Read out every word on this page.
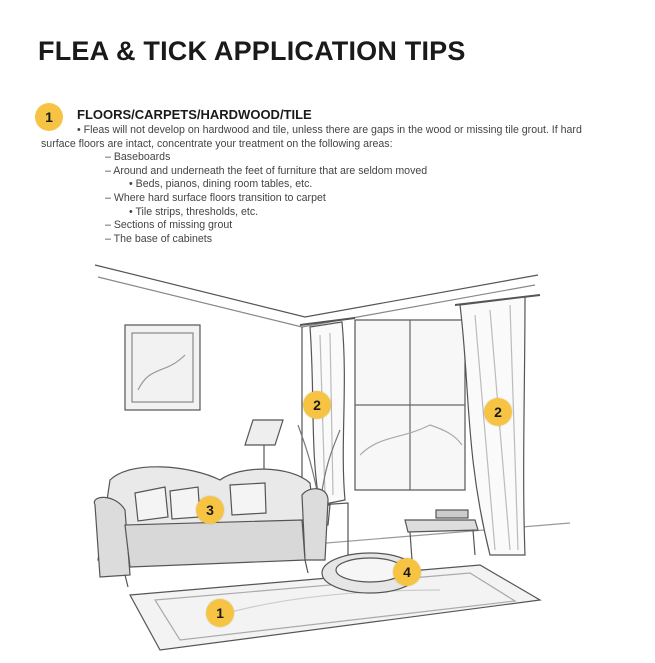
FLEA & TICK APPLICATION TIPS
1	FLOORS/CARPETS/HARDWOOD/TILE

• Fleas will not develop on hardwood and tile, unless there are gaps in the wood or missing tile grout. If hard

surface floors are intact, concentrate your treatment on the following areas:

– Baseboards

– Around and underneath the feet of furniture that are seldom moved

• Beds, pianos, dining room tables, etc.

– Where hard surface floors transition to carpet

• Tile strips, thresholds, etc.

– Sections of missing grout

– The base of cabinets

2	2
3
4
1
